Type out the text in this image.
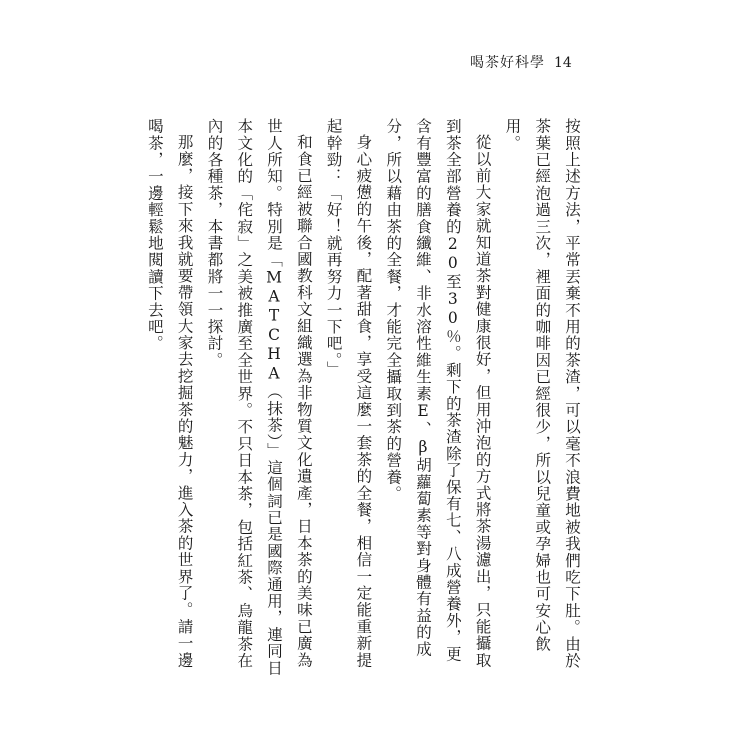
喝茶好科學 14

按照上述方法，平常丟棄不用的茶渣，可以毫不浪費地被我們吃下肚。由於茶葉已經泡過三次，裡面的咖啡因已經很少，所以兒童或孕婦也可安心飲用。

從以前大家就知道茶對健康很好，但用沖泡的方式將茶湯濾出，只能攝取到茶全部營養的20至30％。剩下的茶渣除了保有七、八成營養外，更含有豐富的膳食纖維、非水溶性維生素E、β胡蘿蔔素等對身體有益的成分，所以藉由茶的全餐，才能完全攝取到茶的營養。

身心疲憊的午後，配著甜食，享受這麼一套茶的全餐，相信一定能重新提起幹勁：「好！就再努力一下吧。」

和食已經被聯合國教科文組織選為非物質文化遺產，日本茶的美味已廣為世人所知。特別是「MATCHA（抹茶）」這個詞已是國際通用，連同日本文化的「侘寂」之美被推廣至全世界。不只日本茶，包括紅茶、烏龍茶在內的各種茶，本書都將一一探討。

那麼，接下來我就要帶領大家去挖掘茶的魅力，進入茶的世界了。請一邊喝茶，一邊輕鬆地閱讀下去吧。
